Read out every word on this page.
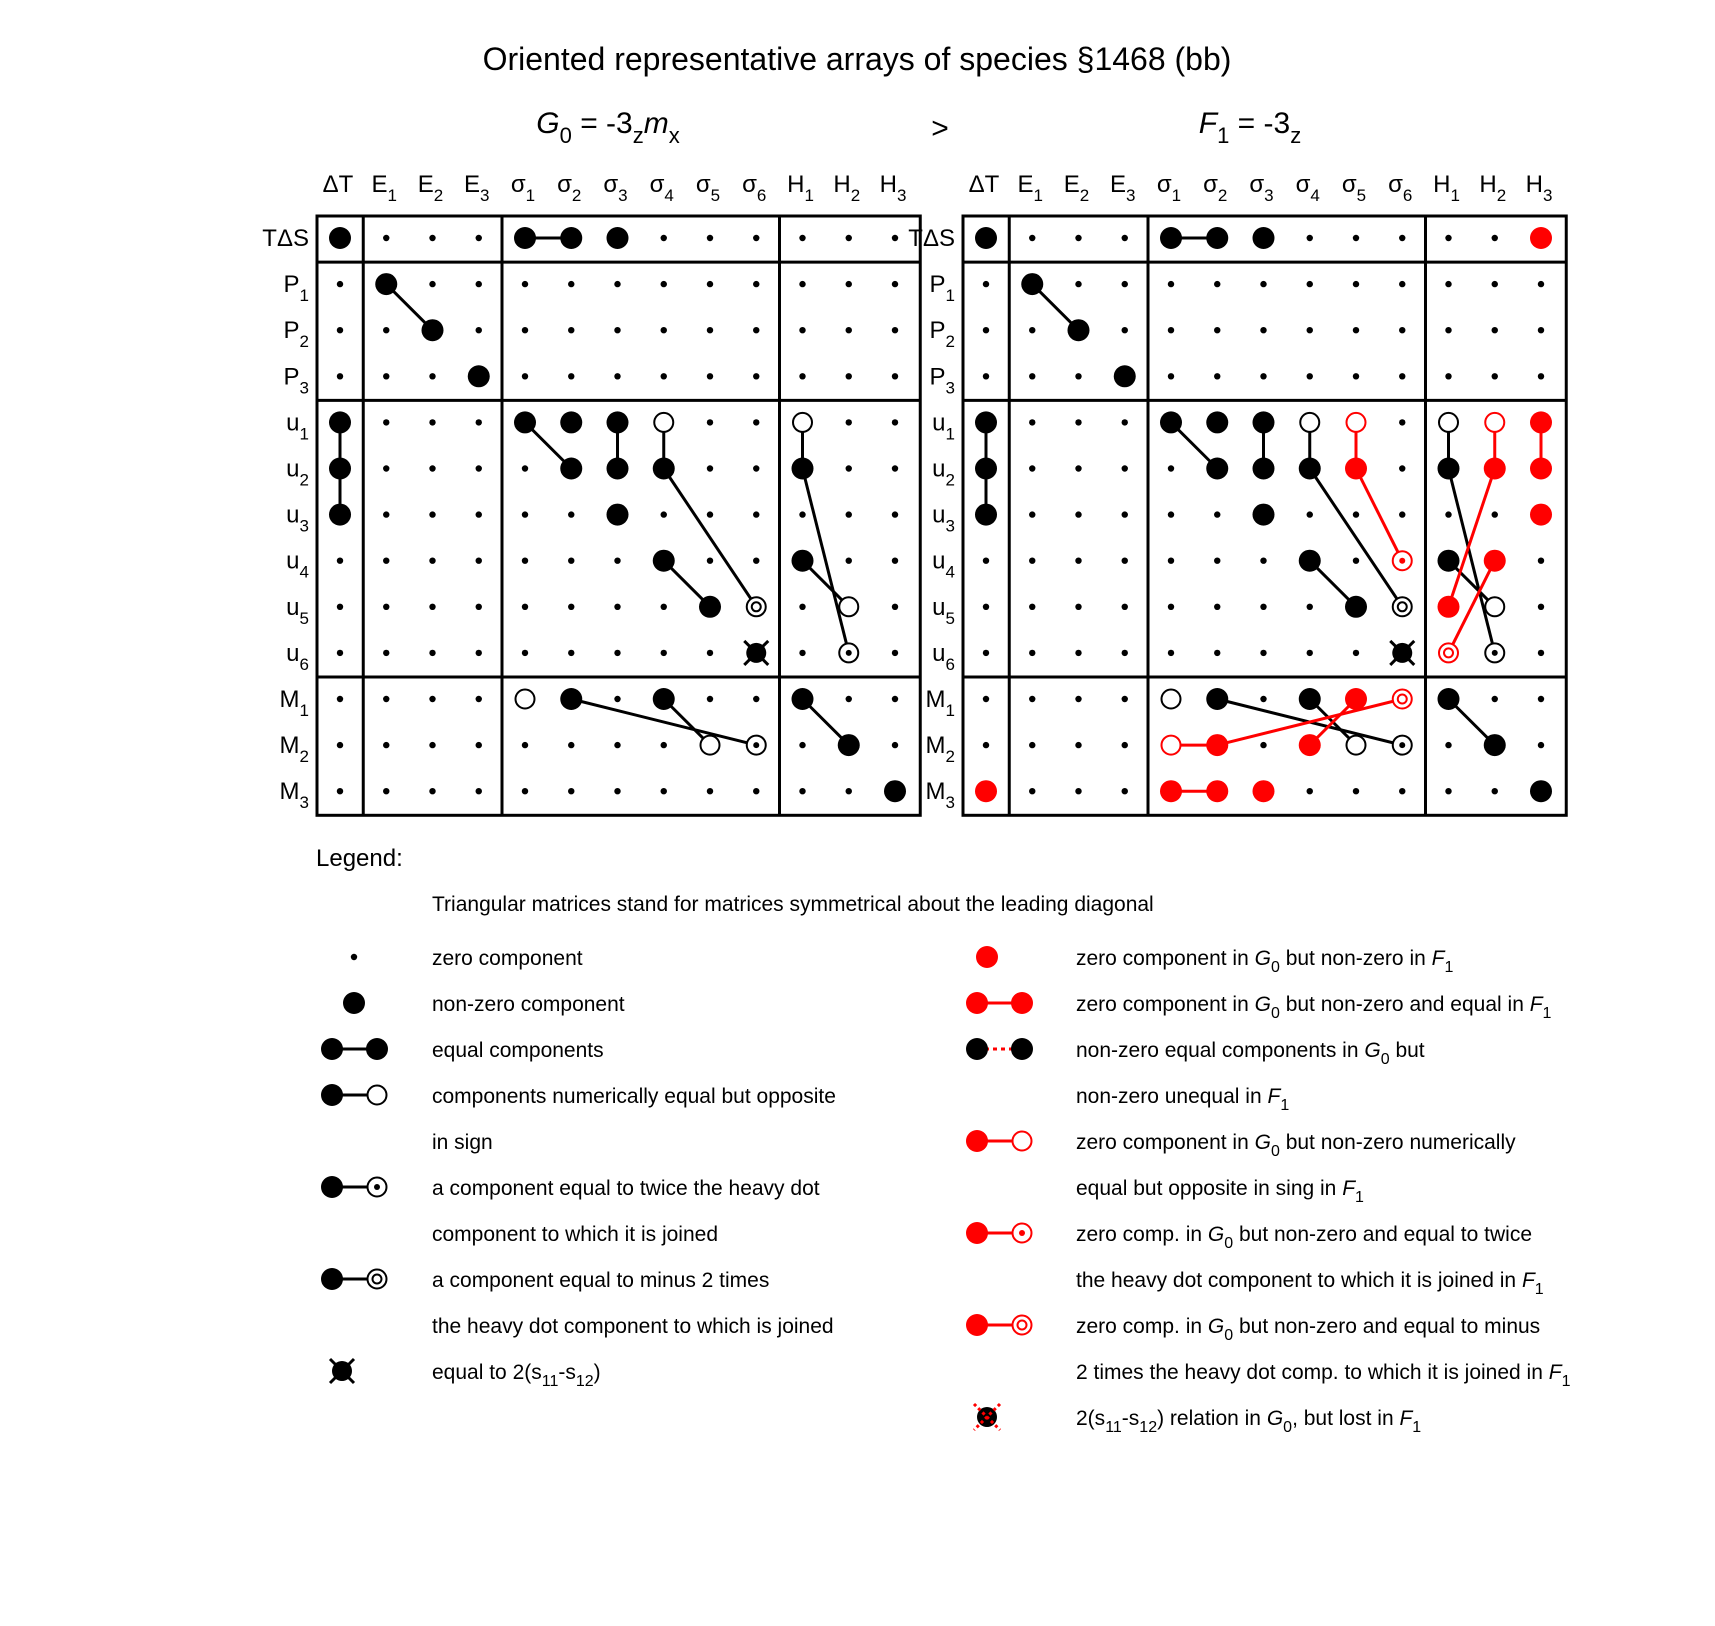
Oriented representative arrays of species §1468 (bb)
$G_0 = -3_zm_x$	>	$F_1 = -3_z$
ΔT $E_1$ $E_2$ $E_3$ $\sigma_1$ $\sigma_2$ $\sigma_3$ $\sigma_4$ $\sigma_5$ $\sigma_6$ $H_1$ $H_2$ $H_3$
TΔS
$P_1$
$P_2$
$P_3$
$u_1$
$u_2$
$u_3$
$u_4$
$u_5$
$u_6$
$M_1$
$M_2$
$M_3$
ΔT $E_1$ $E_2$ $E_3$ $\sigma_1$ $\sigma_2$ $\sigma_3$ $\sigma_4$ $\sigma_5$ $\sigma_6$ $H_1$ $H_2$ $H_3$
TΔS
$P_1$
$P_2$
$P_3$
$u_1$
$u_2$
$u_3$
$u_4$
$u_5$
$u_6$
$M_1$
$M_2$
$M_3$
Legend:
Triangular matrices stand for matrices symmetrical about the leading diagonal
zero component
non-zero component
equal components
components numerically equal but opposite
in sign
a component equal to twice the heavy dot
component to which it is joined
a component equal to minus 2 times
the heavy dot component to which is joined
equal to $2(s_{11}-s_{12})$
zero component in $G_0$ but non-zero in $F_1$
zero component in $G_0$ but non-zero and equal in $F_1$
non-zero equal components in $G_0$ but
non-zero unequal in $F_1$
zero component in $G_0$ but non-zero numerically
equal but opposite in sing in $F_1$
zero comp. in $G_0$ but non-zero and equal to twice
the heavy dot component to which it is joined in $F_1$
zero comp. in $G_0$ but non-zero and equal to minus
2 times the heavy dot comp. to which it is joined in $F_1$
$2(s_{11}-s_{12})$ relation in $G_0$, but lost in $F_1$
